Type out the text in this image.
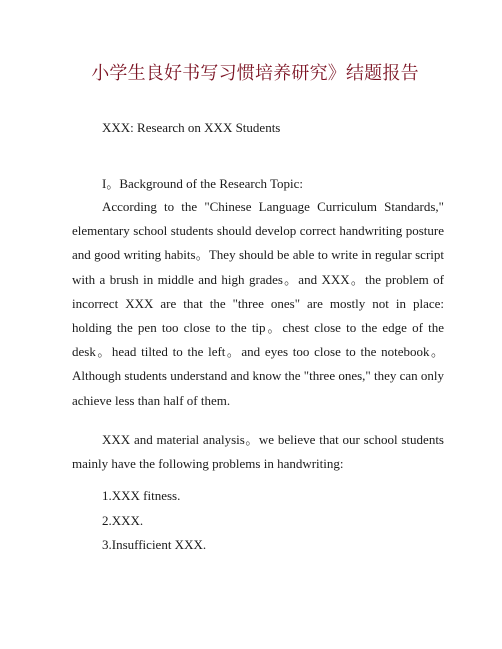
小学生良好书写习惯培养研究》结题报告
XXX: Research on XXX Students
I。Background of the Research Topic:

According to the "Chinese Language Curriculum Standards," elementary school students should develop correct handwriting posture and good writing habits。They should be able to write in regular script with a brush in middle and high grades。and XXX。the problem of incorrect XXX are that the "three ones" are mostly not in place: holding the pen too close to the tip。chest close to the edge of the desk。head tilted to the left。and eyes too close to the notebook。Although students understand and know the "three ones," they can only achieve less than half of them.

XXX and material analysis。we believe that our school students mainly have the following problems in handwriting:

1.XXX fitness.
2.XXX.
3.Insufficient XXX.
